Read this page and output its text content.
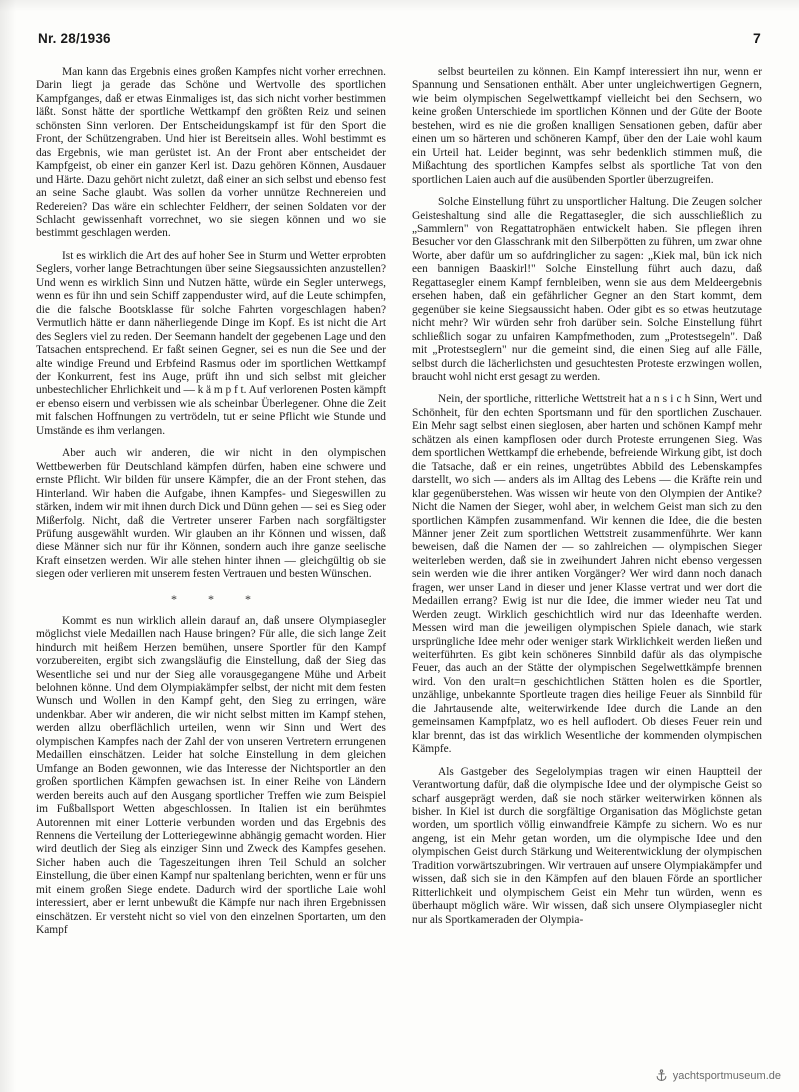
Nr. 28/1936	7

Man kann das Ergebnis eines großen Kampfes nicht vorher errechnen. Darin liegt ja gerade das Schöne und Wertvolle des sportlichen Kampfganges, daß er etwas Einmaliges ist, das sich nicht vorher bestimmen läßt. Sonst hätte der sportliche Wettkampf den größten Reiz und seinen schönsten Sinn verloren. Der Entscheidungskampf ist für den Sport die Front, der Schützengraben. Und hier ist Bereitsein alles. Wohl bestimmt es das Ergebnis, wie man gerüstet ist. An der Front aber entscheidet der Kampfgeist, ob einer ein ganzer Kerl ist. Dazu gehören Können, Ausdauer und Härte. Dazu gehört nicht zuletzt, daß einer an sich selbst und ebenso fest an seine Sache glaubt. Was sollen da vorher unnütze Rechnereien und Redereien? Das wäre ein schlechter Feldherr, der seinen Soldaten vor der Schlacht gewissenhaft vorrechnet, wo sie siegen können und wo sie bestimmt geschlagen werden.

Ist es wirklich die Art des auf hoher See in Sturm und Wetter erprobten Seglers, vorher lange Betrachtungen über seine Siegsaussichten anzustellen? Und wenn es wirklich Sinn und Nutzen hätte, würde ein Segler unterwegs, wenn es für ihn und sein Schiff zappenduster wird, auf die Leute schimpfen, die die falsche Bootsklasse für solche Fahrten vorgeschlagen haben? Vermutlich hätte er dann näherliegende Dinge im Kopf. Es ist nicht die Art des Seglers viel zu reden. Der Seemann handelt der gegebenen Lage und den Tatsachen entsprechend. Er faßt seinen Gegner, sei es nun die See und der alte windige Freund und Erbfeind Rasmus oder im sportlichen Wettkampf der Konkurrent, fest ins Auge, prüft ihn und sich selbst mit gleicher unbestechlicher Ehrlichkeit und — k ä m p f t. Auf verlorenen Posten kämpft er ebenso eisern und verbissen wie als scheinbar Überlegener. Ohne die Zeit mit falschen Hoffnungen zu vertrödeln, tut er seine Pflicht wie Stunde und Umstände es ihm verlangen.

Aber auch wir anderen, die wir nicht in den olympischen Wettbewerben für Deutschland kämpfen dürfen, haben eine schwere und ernste Pflicht. Wir bilden für unsere Kämpfer, die an der Front stehen, das Hinterland. Wir haben die Aufgabe, ihnen Kampfes- und Siegeswillen zu stärken, indem wir mit ihnen durch Dick und Dünn gehen — sei es Sieg oder Mißerfolg. Nicht, daß die Vertreter unserer Farben nach sorgfältigster Prüfung ausgewählt wurden. Wir glauben an ihr Können und wissen, daß diese Männer sich nur für ihr Können, sondern auch ihre ganze seelische Kraft einsetzen werden. Wir alle stehen hinter ihnen — gleichgültig ob sie siegen oder verlieren mit unserem festen Vertrauen und besten Wünschen.

* * *

Kommt es nun wirklich allein darauf an, daß unsere Olympiasegler möglichst viele Medaillen nach Hause bringen? Für alle, die sich lange Zeit hindurch mit heißem Herzen bemühen, unsere Sportler für den Kampf vorzubereiten, ergibt sich zwangsläufig die Einstellung, daß der Sieg das Wesentliche sei und nur der Sieg alle vorausgegangene Mühe und Arbeit belohnen könne. Und dem Olympiakämpfer selbst, der nicht mit dem festen Wunsch und Wollen in den Kampf geht, den Sieg zu erringen, wäre undenkbar. Aber wir anderen, die wir nicht selbst mitten im Kampf stehen, werden allzu oberflächlich urteilen, wenn wir Sinn und Wert des olympischen Kampfes nach der Zahl der von unseren Vertretern errungenen Medaillen einschätzen. Leider hat solche Einstellung in dem gleichen Umfange an Boden gewonnen, wie das Interesse der Nichtsportler an den großen sportlichen Kämpfen gewachsen ist. In einer Reihe von Ländern werden bereits auch auf den Ausgang sportlicher Treffen wie zum Beispiel im Fußballsport Wetten abgeschlossen. In Italien ist ein berühmtes Autorennen mit einer Lotterie verbunden worden und das Ergebnis des Rennens die Verteilung der Lotteriegewinne abhängig gemacht worden. Hier wird deutlich der Sieg als einziger Sinn und Zweck des Kampfes gesehen. Sicher haben auch die Tageszeitungen ihren Teil Schuld an solcher Einstellung, die über einen Kampf nur spaltenlang berichten, wenn er für uns mit einem großen Siege endete. Dadurch wird der sportliche Laie wohl interessiert, aber er lernt unbewußt die Kämpfe nur nach ihren Ergebnissen einschätzen. Er versteht nicht so viel von den einzelnen Sportarten, um den Kampf

selbst beurteilen zu können. Ein Kampf interessiert ihn nur, wenn er Spannung und Sensationen enthält. Aber unter ungleichwertigen Gegnern, wie beim olympischen Segelwettkampf vielleicht bei den Sechsern, wo keine großen Unterschiede im sportlichen Können und der Güte der Boote bestehen, wird es nie die großen knalligen Sensationen geben, dafür aber einen um so härteren und schöneren Kampf, über den der Laie wohl kaum ein Urteil hat. Leider beginnt, was sehr bedenklich stimmen muß, die Mißachtung des sportlichen Kampfes selbst als sportliche Tat von den sportlichen Laien auch auf die ausübenden Sportler überzugreifen.

Solche Einstellung führt zu unsportlicher Haltung. Die Zeugen solcher Geisteshaltung sind alle die Regattasegler, die sich ausschließlich zu „Sammlern" von Regattatrophäen entwickelt haben. Sie pflegen ihren Besucher vor den Glasschrank mit den Silberpötten zu führen, um zwar ohne Worte, aber dafür um so aufdringlicher zu sagen: „Kiek mal, bün ick nich een bannigen Baaskirl!" Solche Einstellung führt auch dazu, daß Regattasegler einem Kampf fernbleiben, wenn sie aus dem Meldeergebnis ersehen haben, daß ein gefährlicher Gegner an den Start kommt, dem gegenüber sie keine Siegsaussicht haben. Oder gibt es so etwas heutzutage nicht mehr? Wir würden sehr froh darüber sein. Solche Einstellung führt schließlich sogar zu unfairen Kampfmethoden, zum „Protestsegeln". Daß mit „Protestseglern" nur die gemeint sind, die einen Sieg auf alle Fälle, selbst durch die lächerlichsten und gesuchtesten Proteste erzwingen wollen, braucht wohl nicht erst gesagt zu werden.

Nein, der sportliche, ritterliche Wettstreit hat a n s i c h Sinn, Wert und Schönheit, für den echten Sportsmann und für den sportlichen Zuschauer. Ein Mehr sagt selbst einen sieglosen, aber harten und schönen Kampf mehr schätzen als einen kampflosen oder durch Proteste errungenen Sieg. Was dem sportlichen Wettkampf die erhebende, befreiende Wirkung gibt, ist doch die Tatsache, daß er ein reines, ungetrübtes Abbild des Lebenskampfes darstellt, wo sich — anders als im Alltag des Lebens — die Kräfte rein und klar gegenüberstehen. Was wissen wir heute von den Olympien der Antike? Nicht die Namen der Sieger, wohl aber, in welchem Geist man sich zu den sportlichen Kämpfen zusammenfand. Wir kennen die Idee, die die besten Männer jener Zeit zum sportlichen Wettstreit zusammenführte. Wer kann beweisen, daß die Namen der — so zahlreichen — olympischen Sieger weiterleben werden, daß sie in zweihundert Jahren nicht ebenso vergessen sein werden wie die ihrer antiken Vorgänger? Wer wird dann noch danach fragen, wer unser Land in dieser und jener Klasse vertrat und wer dort die Medaillen errang? Ewig ist nur die Idee, die immer wieder neu Tat und Werden zeugt. Wirklich geschichtlich wird nur das Ideenhafte werden. Messen wird man die jeweiligen olympischen Spiele danach, wie stark ursprüngliche Idee mehr oder weniger stark Wirklichkeit werden ließen und weiterführten. Es gibt kein schöneres Sinnbild dafür als das olympische Feuer, das auch an der Stätte der olympischen Segelwettkämpfe brennen wird. Von den uralt=n geschichtlichen Stätten holen es die Sportler, unzählige, unbekannte Sportleute tragen dies heilige Feuer als Sinnbild für die Jahrtausende alte, weiterwirkende Idee durch die Lande an den gemeinsamen Kampfplatz, wo es hell auflodert. Ob dieses Feuer rein und klar brennt, das ist das wirklich Wesentliche der kommenden olympischen Kämpfe.

Als Gastgeber des Segelolympias tragen wir einen Hauptteil der Verantwortung dafür, daß die olympische Idee und der olympische Geist so scharf ausgeprägt werden, daß sie noch stärker weiterwirken können als bisher. In Kiel ist durch die sorgfältige Organisation das Möglichste getan worden, um sportlich völlig einwandfreie Kämpfe zu sichern. Wo es nur angeng, ist ein Mehr getan worden, um die olympische Idee und den olympischen Geist durch Stärkung und Weiterentwicklung der olympischen Tradition vorwärtszubringen. Wir vertrauen auf unsere Olympiakämpfer und wissen, daß sich sie in den Kämpfen auf den blauen Förde an sportlicher Ritterlichkeit und olympischem Geist ein Mehr tun würden, wenn es überhaupt möglich wäre. Wir wissen, daß sich unsere Olympiasegler nicht nur als Sportkameraden der Olympia-

yachtsportmuseum.de
